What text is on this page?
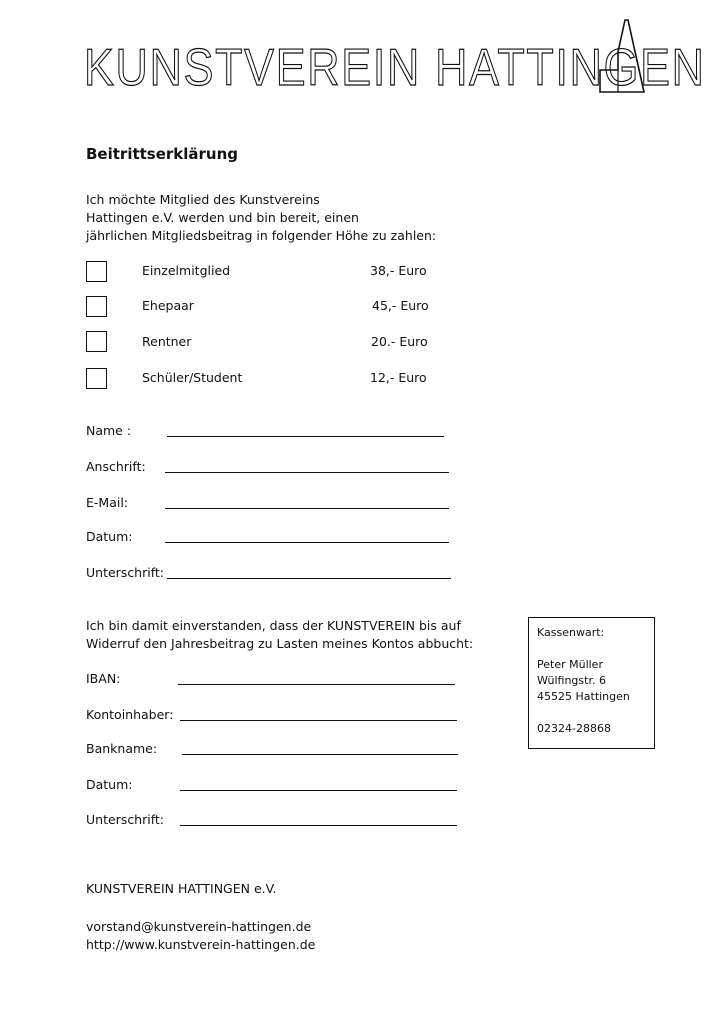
KUNSTVEREIN HATTINGEN
Beitrittserklärung
Ich möchte Mitglied des Kunstvereins
Hattingen e.V. werden und bin bereit, einen
jährlichen Mitgliedsbeitrag in folgender Höhe zu zahlen:
Einzelmitglied	38,- Euro
Ehepaar	45,- Euro
Rentner	20.- Euro
Schüler/Student	12,- Euro
Name :
Anschrift:
E-Mail:
Datum:
Unterschrift:
Ich bin damit einverstanden, dass der KUNSTVEREIN bis auf
Widerruf den Jahresbeitrag zu Lasten meines Kontos abbucht:
Kassenwart:
Peter Müller
Wülfingstr. 6
45525 Hattingen
02324-28868
IBAN:
Kontoinhaber:
Bankname:
Datum:
Unterschrift:
KUNSTVEREIN HATTINGEN e.V.
vorstand@kunstverein-hattingen.de
http://www.kunstverein-hattingen.de
